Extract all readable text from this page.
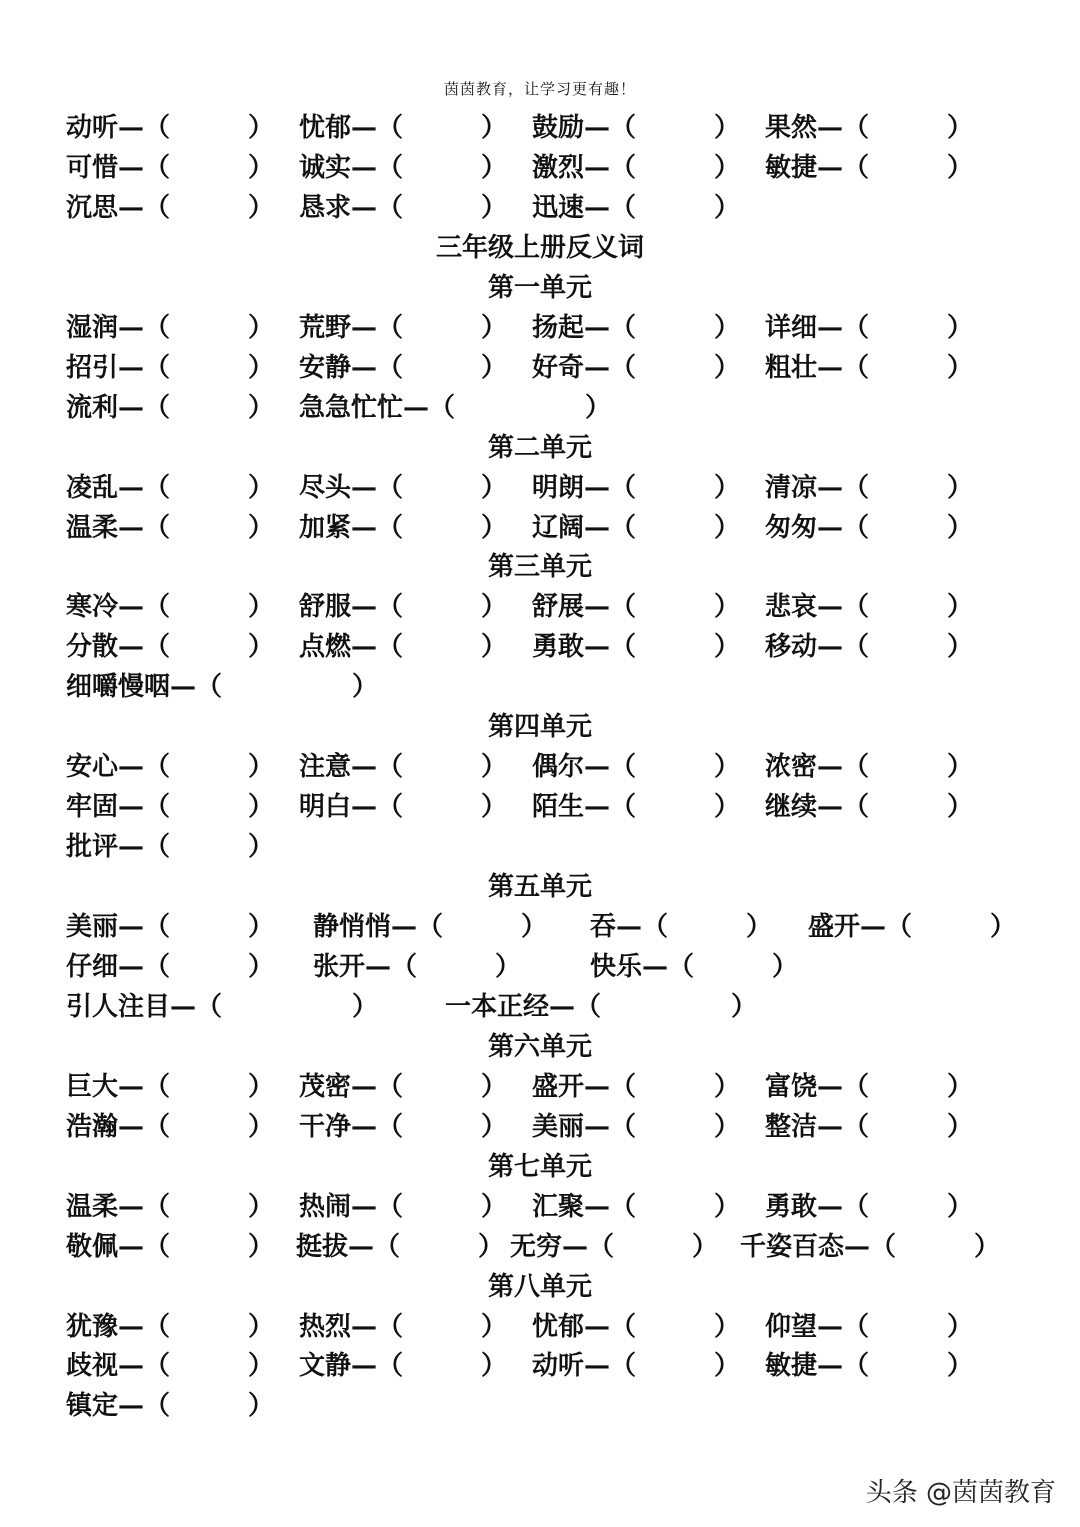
茵茵教育，让学习更有趣！
动听—（　　　） 忧郁—（　　　） 鼓励—（　　　） 果然—（　　　）
可惜—（　　　） 诚实—（　　　） 激烈—（　　　） 敏捷—（　　　）
沉思—（　　　） 恳求—（　　　） 迅速—（　　　）
三年级上册反义词
第一单元
湿润—（　　　） 荒野—（　　　） 扬起—（　　　） 详细—（　　　）
招引—（　　　） 安静—（　　　） 好奇—（　　　） 粗壮—（　　　）
流利—（　　　） 急急忙忙—（　　　　　）
第二单元
凌乱—（　　　） 尽头—（　　　） 明朗—（　　　） 清凉—（　　　）
温柔—（　　　） 加紧—（　　　） 辽阔—（　　　） 匆匆—（　　　）
第三单元
寒冷—（　　　） 舒服—（　　　） 舒展—（　　　） 悲哀—（　　　）
分散—（　　　） 点燃—（　　　） 勇敢—（　　　） 移动—（　　　）
细嚼慢咽—（　　　　　）
第四单元
安心—（　　　） 注意—（　　　） 偶尔—（　　　） 浓密—（　　　）
牢固—（　　　） 明白—（　　　） 陌生—（　　　） 继续—（　　　）
批评—（　　　）
第五单元
美丽—（　　　） 静悄悄—（　　　） 吞—（　　　） 盛开—（　　　）
仔细—（　　　） 张开—（　　　）	快乐—（　　　）
引人注目—（　　　　　）	一本正经—（　　　　　）
第六单元
巨大—（　　　） 茂密—（　　　） 盛开—（　　　） 富饶—（　　　）
浩瀚—（　　　） 干净—（　　　） 美丽—（　　　） 整洁—（　　　）
第七单元
温柔—（　　　） 热闹—（　　　） 汇聚—（　　　） 勇敢—（　　　）
敬佩—（　　　） 挺拔—（　　　） 无穷—（　　　） 千姿百态—（　　　）
第八单元
犹豫—（　　　） 热烈—（　　　） 忧郁—（　　　） 仰望—（　　　）
歧视—（　　　） 文静—（　　　） 动听—（　　　） 敏捷—（　　　）
镇定—（　　　）
头条 @茵茵教育
